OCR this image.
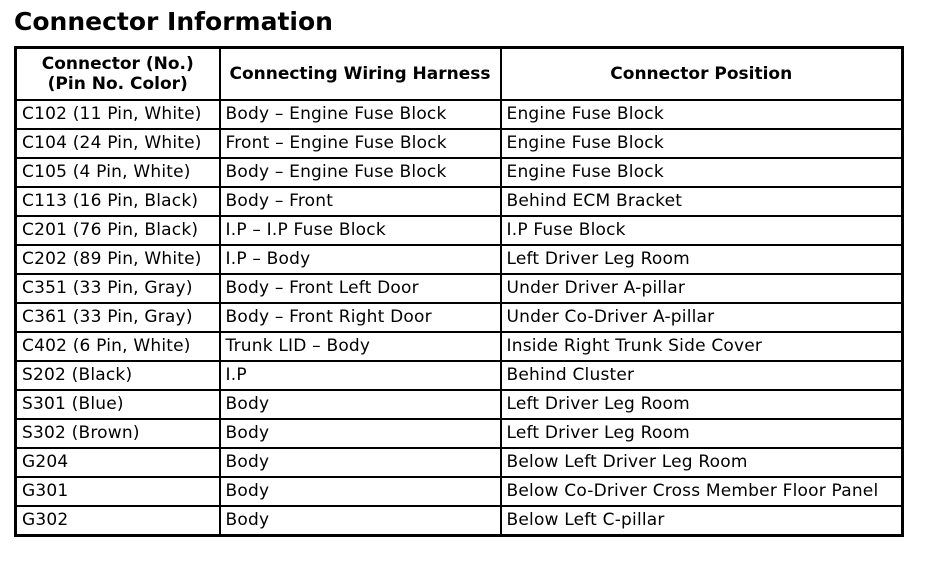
Connector Information
Connector (No.)
(Pin No. Color)	Connecting Wiring Harness	Connector Position
C102 (11 Pin, White)	Body – Engine Fuse Block	Engine Fuse Block
C104 (24 Pin, White)	Front – Engine Fuse Block	Engine Fuse Block
C105 (4 Pin, White)	Body – Engine Fuse Block	Engine Fuse Block
C113 (16 Pin, Black)	Body – Front	Behind ECM Bracket
C201 (76 Pin, Black)	I.P – I.P Fuse Block	I.P Fuse Block
C202 (89 Pin, White)	I.P – Body	Left Driver Leg Room
C351 (33 Pin, Gray)	Body – Front Left Door	Under Driver A-pillar
C361 (33 Pin, Gray)	Body – Front Right Door	Under Co-Driver A-pillar
C402 (6 Pin, White)	Trunk LID – Body	Inside Right Trunk Side Cover
S202 (Black)	I.P	Behind Cluster
S301 (Blue)	Body	Left Driver Leg Room
S302 (Brown)	Body	Left Driver Leg Room
G204	Body	Below Left Driver Leg Room
G301	Body	Below Co-Driver Cross Member Floor Panel
G302	Body	Below Left C-pillar
